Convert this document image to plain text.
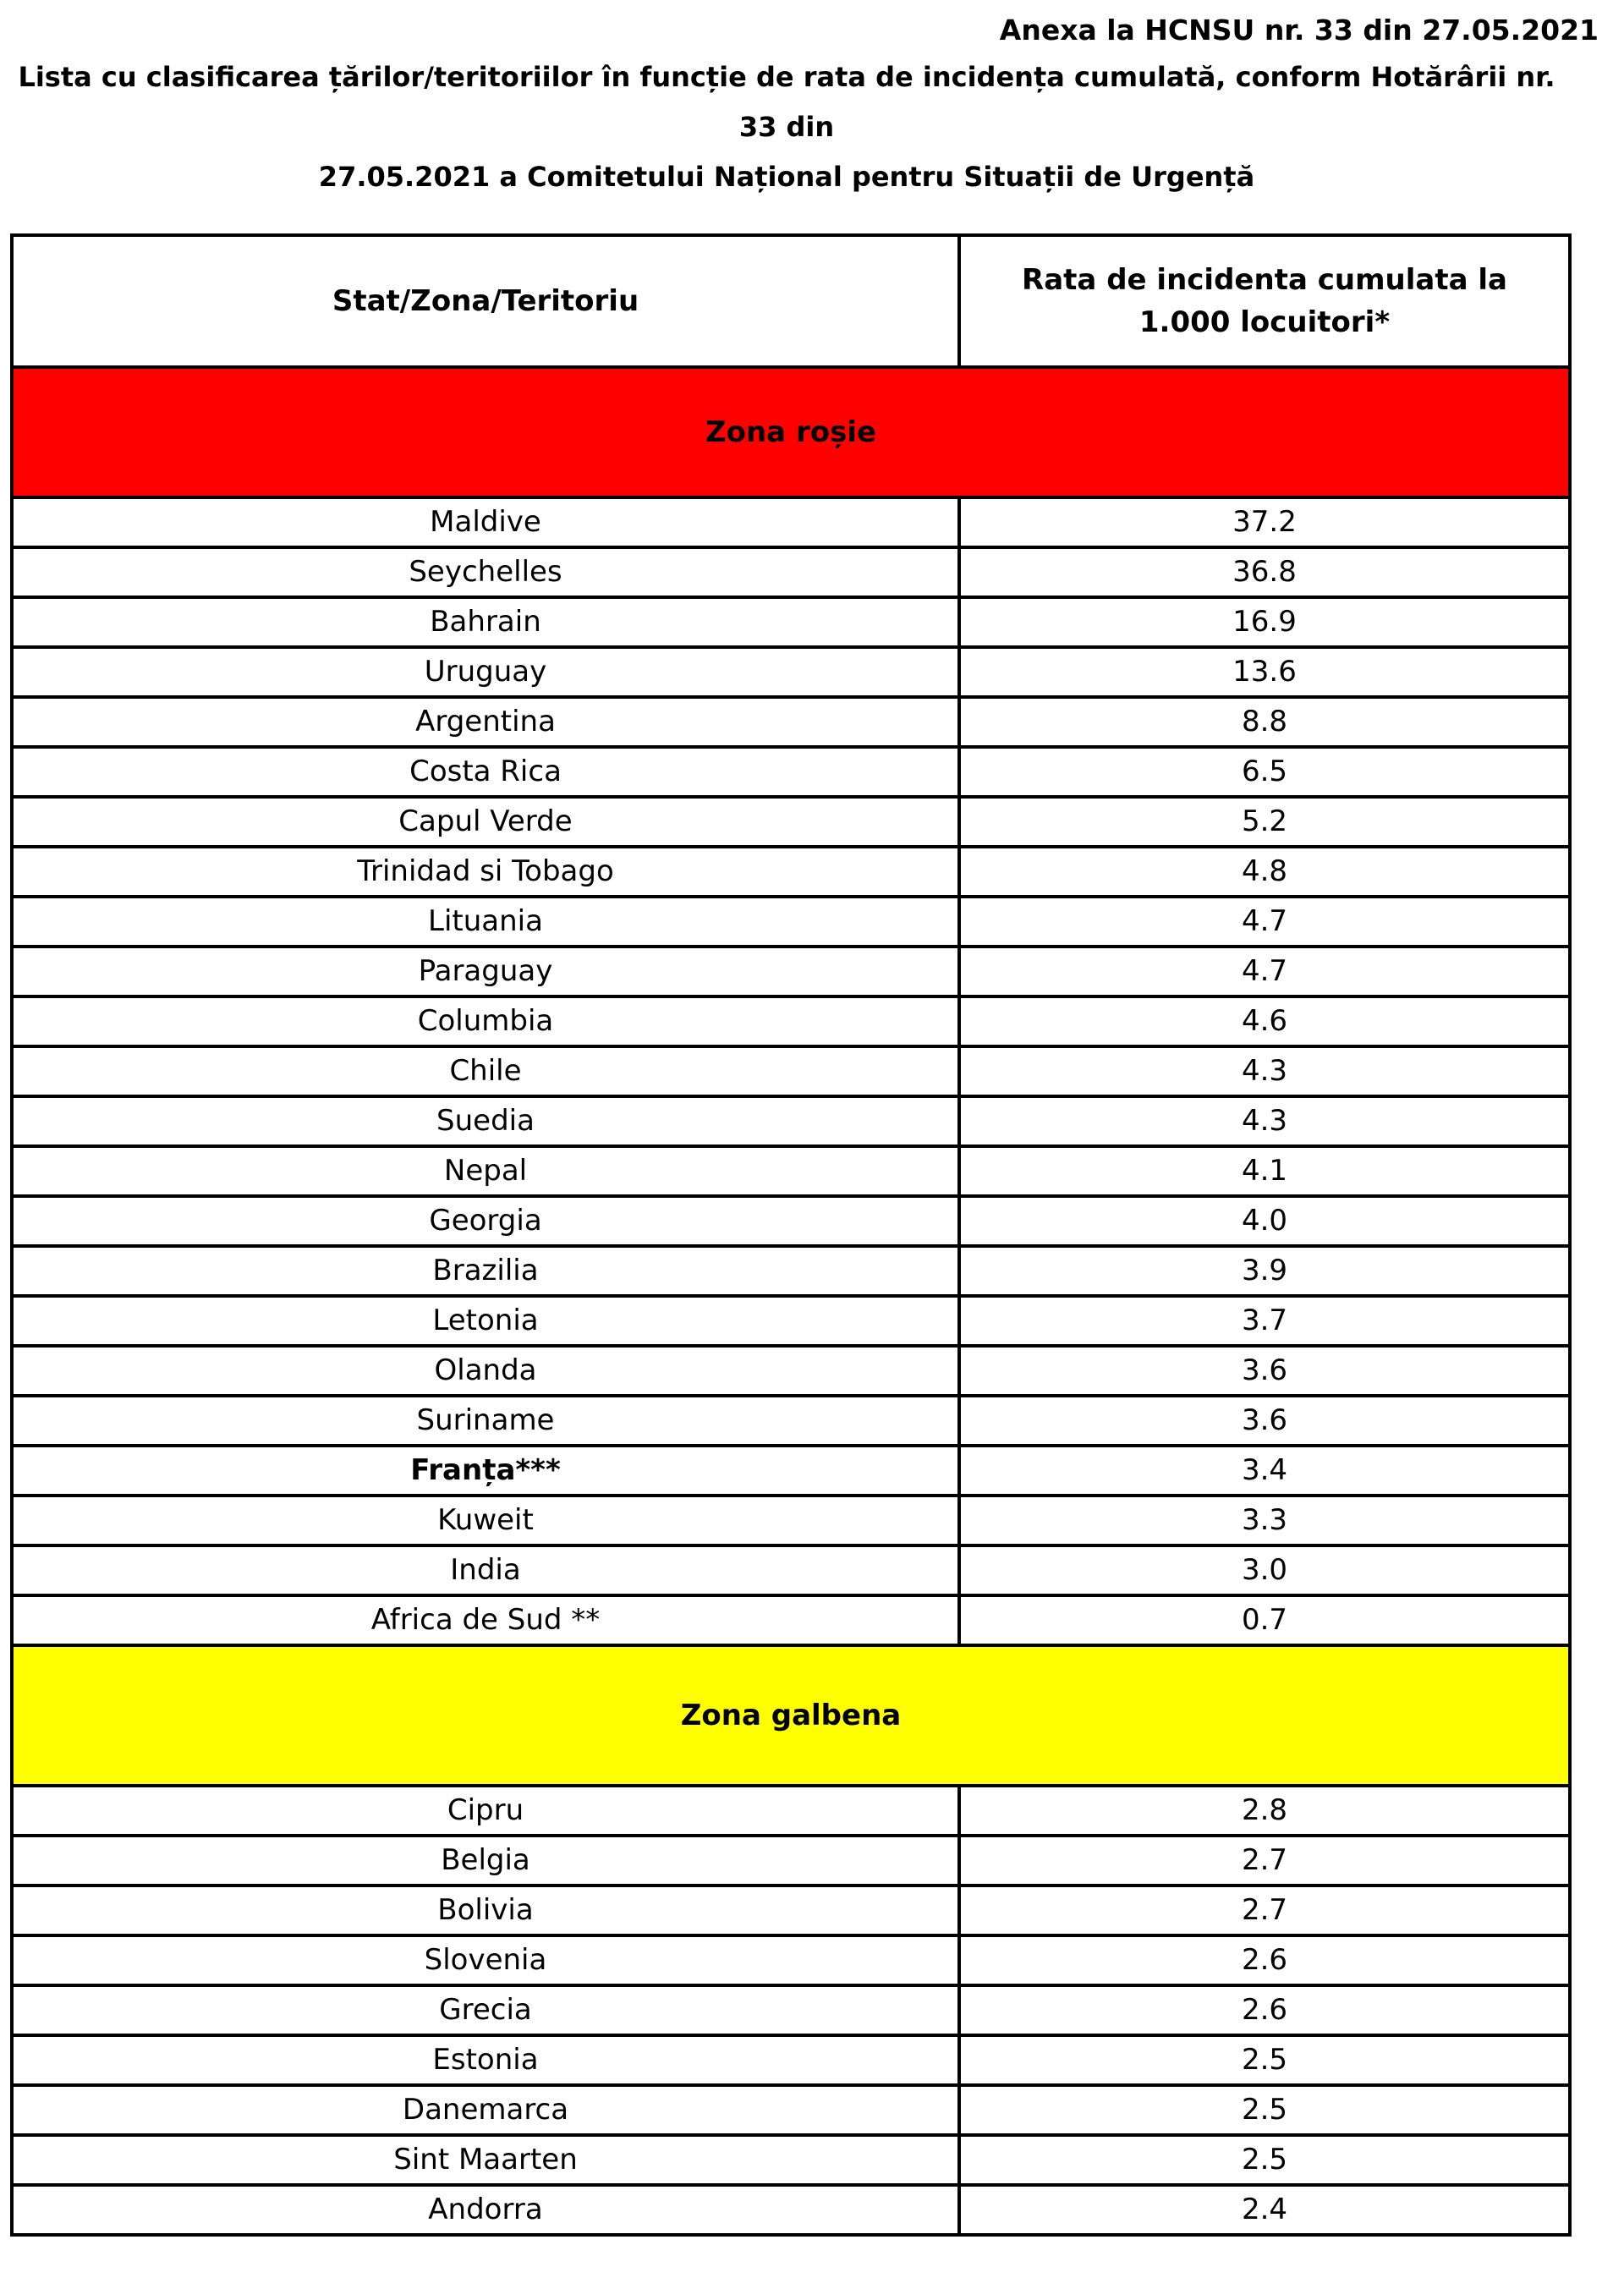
Anexa la HCNSU nr. 33 din 27.05.2021
Lista cu clasificarea țărilor/teritoriilor în funcție de rata de incidența cumulată, conform Hotărârii nr. 33 din
27.05.2021 a Comitetului Național pentru Situații de Urgență
Stat/Zona/Teritoriu	Rata de incidenta cumulata la 1.000 locuitori*
Zona roșie	
Maldive	37.2
Seychelles	36.8
Bahrain	16.9
Uruguay	13.6
Argentina	8.8
Costa Rica	6.5
Capul Verde	5.2
Trinidad si Tobago	4.8
Lituania	4.7
Paraguay	4.7
Columbia	4.6
Chile	4.3
Suedia	4.3
Nepal	4.1
Georgia	4.0
Brazilia	3.9
Letonia	3.7
Olanda	3.6
Suriname	3.6
Franța***	3.4
Kuweit	3.3
India	3.0
Africa de Sud **	0.7
Zona galbena	
Cipru	2.8
Belgia	2.7
Bolivia	2.7
Slovenia	2.6
Grecia	2.6
Estonia	2.5
Danemarca	2.5
Sint Maarten	2.5
Andorra	2.4
